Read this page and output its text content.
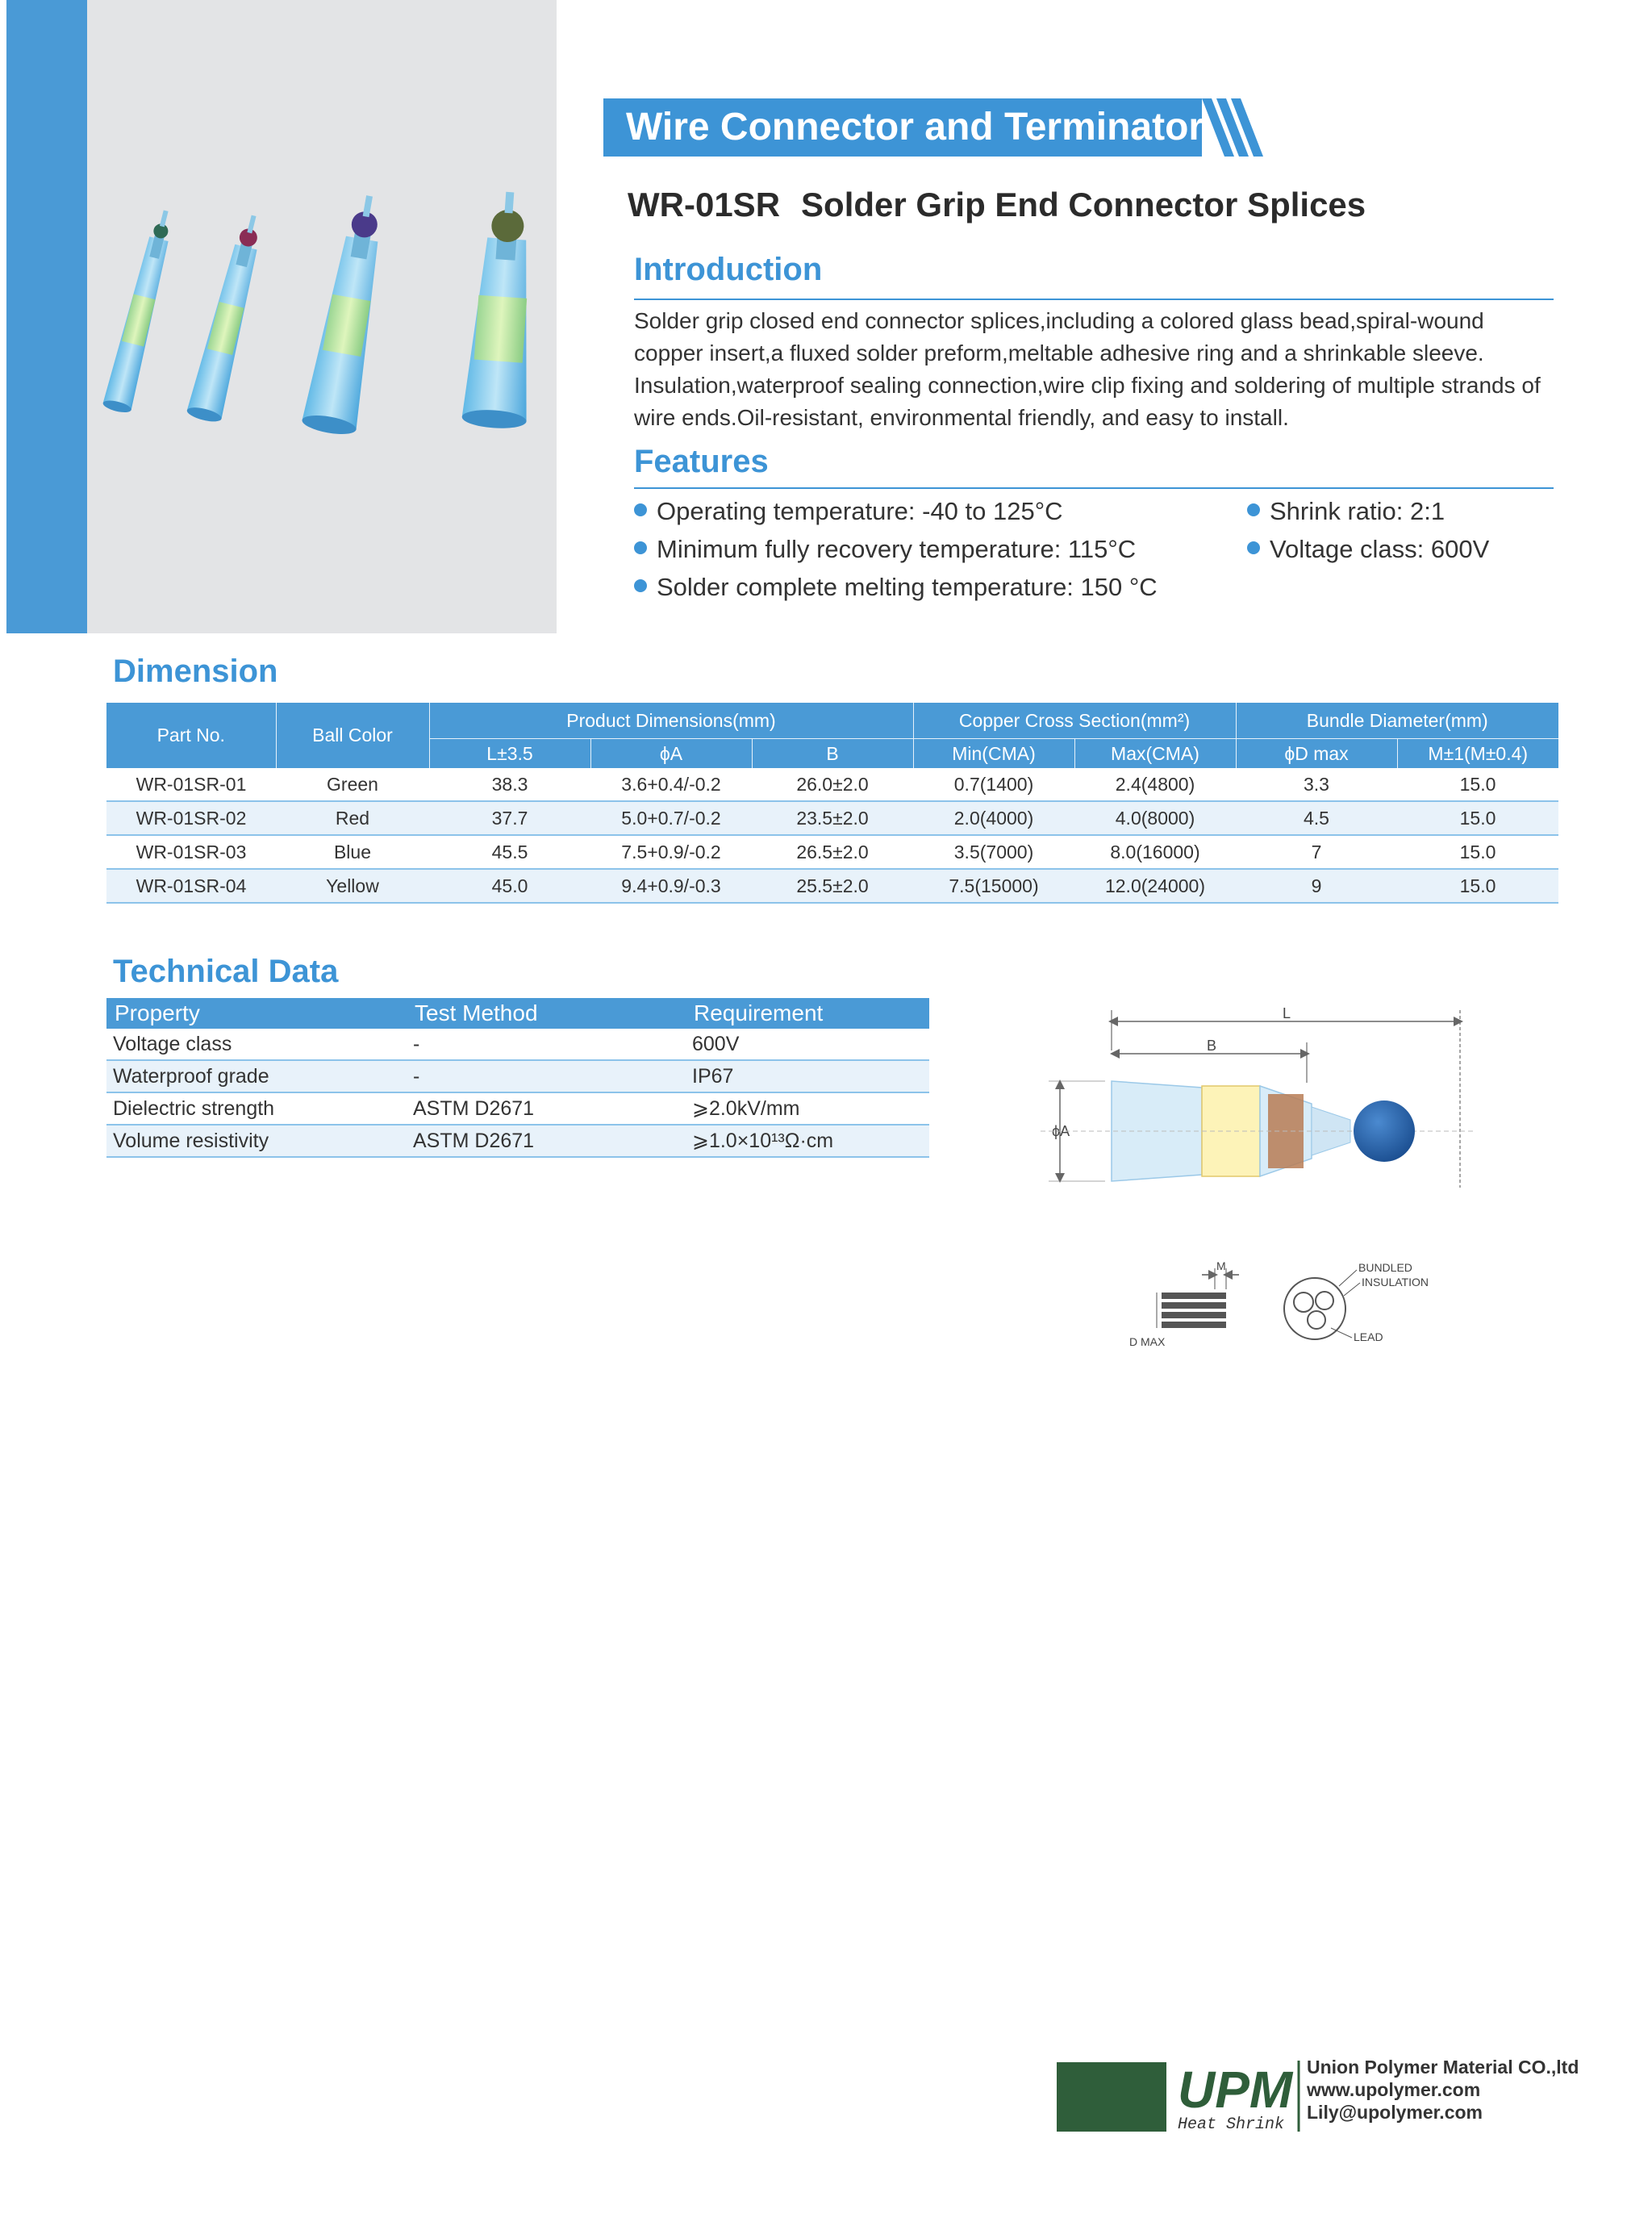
Wire Connector and Terminator
WR-01SR Solder Grip End Connector Splices
Introduction
Solder grip closed end connector splices,including a colored glass bead,spiral-wound
copper insert,a fluxed solder preform,meltable adhesive ring and a shrinkable sleeve.
Insulation,waterproof sealing connection,wire clip fixing and soldering of multiple strands of
wire ends.Oil-resistant, environmental friendly, and easy to install.
Features
Operating temperature: -40 to 125°C
Minimum fully recovery temperature: 115°C
Solder complete melting temperature: 150 °C
Shrink ratio: 2:1
Voltage class: 600V
Dimension
Part No.	Ball Color	Product Dimensions(mm)			Copper Cross Section(mm²)		Bundle Diameter(mm)	
		L±3.5	ϕA	B	Min(CMA)	Max(CMA)	ϕD max	M±1(M±0.4)
WR-01SR-01	Green	38.3	3.6+0.4/-0.2	26.0±2.0	0.7(1400)	2.4(4800)	3.3	15.0
WR-01SR-02	Red	37.7	5.0+0.7/-0.2	23.5±2.0	2.0(4000)	4.0(8000)	4.5	15.0
WR-01SR-03	Blue	45.5	7.5+0.9/-0.2	26.5±2.0	3.5(7000)	8.0(16000)	7	15.0
WR-01SR-04	Yellow	45.0	9.4+0.9/-0.3	25.5±2.0	7.5(15000)	12.0(24000)	9	15.0
Technical Data
Property	Test Method	Requirement
Voltage class	-	600V
Waterproof grade	-	IP67
Dielectric strength	ASTM D2671	⩾2.0kV/mm
Volume resistivity	ASTM D2671	⩾1.0×10¹³Ω·cm
L
B
ϕA
M
D MAX
BUNDLED
INSULATION
LEAD
UPM
Heat Shrink
Union Polymer Material CO.,ltd
www.upolymer.com
Lily@upolymer.com
